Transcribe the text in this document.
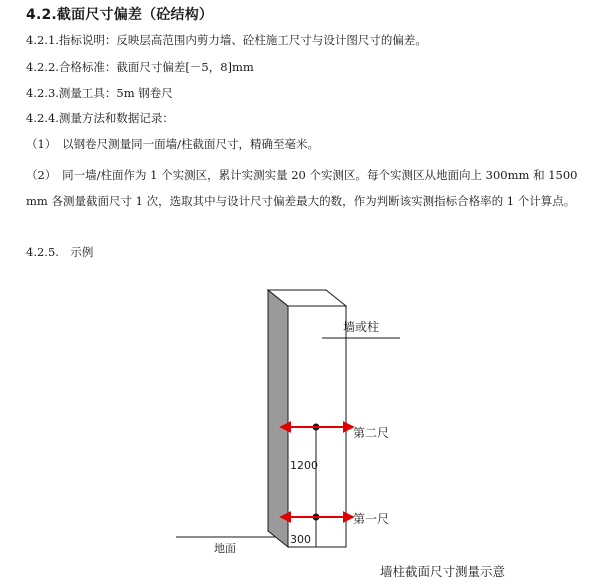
4.2.截面尺寸偏差（砼结构）
4.2.1.指标说明：反映层高范围内剪力墙、砼柱施工尺寸与设计图尺寸的偏差。
4.2.2.合格标准：截面尺寸偏差[－5，8]mm
4.2.3.测量工具：5m 钢卷尺
4.2.4.测量方法和数据记录：
（1）　以钢卷尺测量同一面墙/柱截面尺寸，精确至毫米。
（2）　同一墙/柱面作为 1 个实测区，累计实测实量 20 个实测区。每个实测区从地面向上 300mm 和 1500mm 各测量截面尺寸 1 次，选取其中与设计尺寸偏差最大的数，作为判断该实测指标合格率的 1 个计算点。
4.2.5.　示例
地面
墙或柱
第二尺
第一尺
1200
300
墙柱截面尺寸测量示意
